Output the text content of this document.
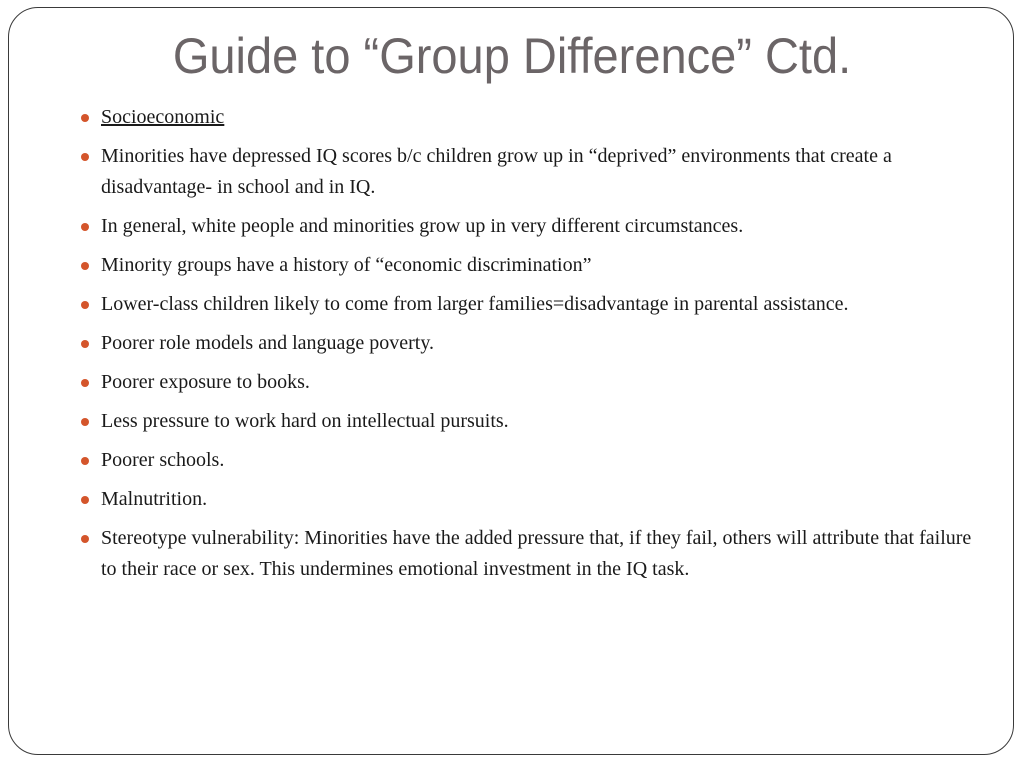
Guide to “Group Difference” Ctd.
Socioeconomic
Minorities have depressed IQ scores b/c children grow up in “deprived” environments that create a disadvantage- in school and in IQ.
In general, white people and minorities grow up in very different circumstances.
Minority groups have a history of “economic discrimination”
Lower-class children likely to come from larger families=disadvantage in parental assistance.
Poorer role models and language poverty.
Poorer exposure to books.
Less pressure to work hard on intellectual pursuits.
Poorer schools.
Malnutrition.
Stereotype vulnerability: Minorities have the added pressure that, if they fail, others will attribute that failure to their race or sex. This undermines emotional investment in the IQ task.
